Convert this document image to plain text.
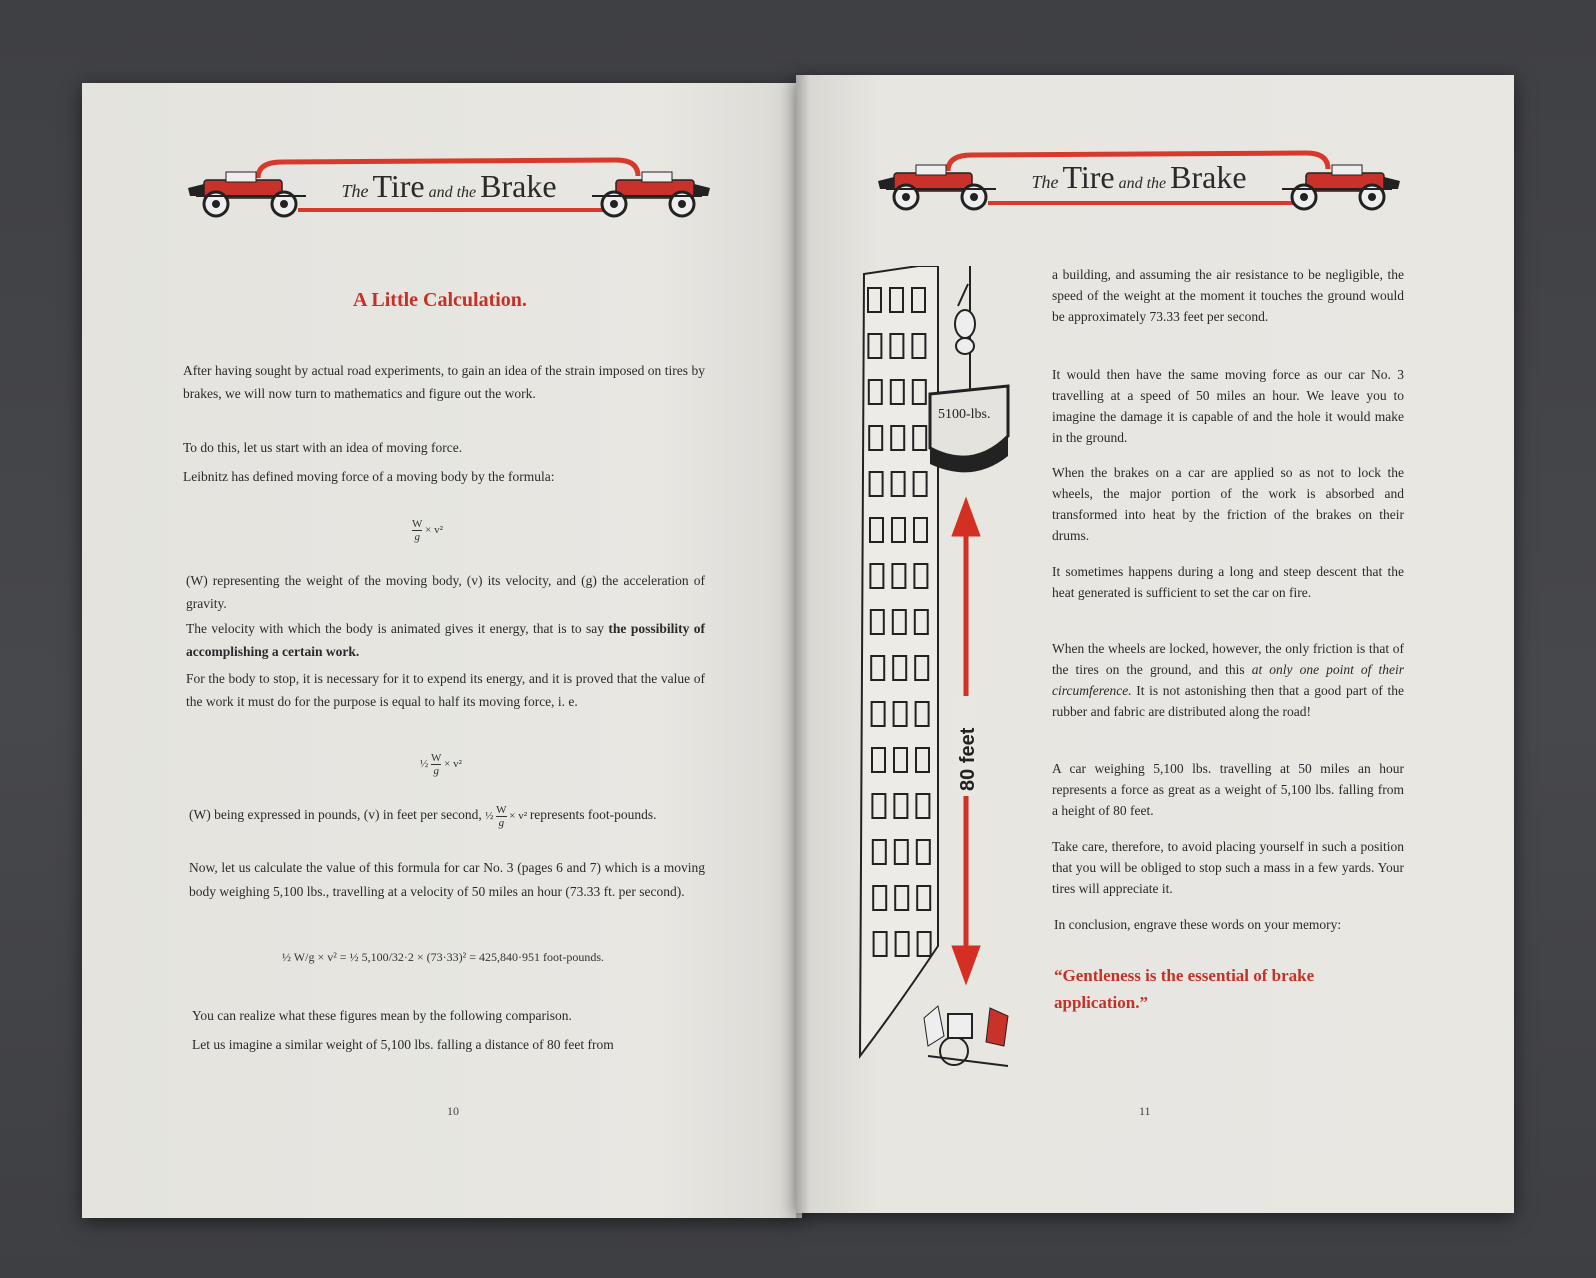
The Tire and the Brake
A Little Calculation.
After having sought by actual road experiments, to gain an idea of the strain imposed on tires by brakes, we will now turn to mathematics and figure out the work.
To do this, let us start with an idea of moving force.
Leibnitz has defined moving force of a moving body by the formula:
$\frac{W}{g} \times v^2$
(W) representing the weight of the moving body, (v) its velocity, and (g) the acceleration of gravity.
The velocity with which the body is animated gives it energy, that is to say the possibility of accomplishing a certain work.
For the body to stop, it is necessary for it to expend its energy, and it is proved that the value of the work it must do for the purpose is equal to half its moving force, i. e.
½ $\frac{W}{g} \times v^2$
(W) being expressed in pounds, (v) in feet per second, ½ $\frac{W}{g} \times v^2$ represents foot-pounds.
Now, let us calculate the value of this formula for car No. 3 (pages 6 and 7) which is a moving body weighing 5,100 lbs., travelling at a velocity of 50 miles an hour (73.33 ft. per second).
½ W/g × v² = ½ 5,100/32·2 × (73·33)² = 425,840·951 foot-pounds.
You can realize what these figures mean by the following comparison.
Let us imagine a similar weight of 5,100 lbs. falling a distance of 80 feet from
10
The Tire and the Brake
5100-lbs.
80 feet
a building, and assuming the air resistance to be negligible, the speed of the weight at the moment it touches the ground would be approximately 73.33 feet per second.
It would then have the same moving force as our car No. 3 travelling at a speed of 50 miles an hour. We leave you to imagine the damage it is capable of and the hole it would make in the ground.
When the brakes on a car are applied so as not to lock the wheels, the major portion of the work is absorbed and transformed into heat by the friction of the brakes on their drums.
It sometimes happens during a long and steep descent that the heat generated is sufficient to set the car on fire.
When the wheels are locked, however, the only friction is that of the tires on the ground, and this at only one point of their circumference. It is not astonishing then that a good part of the rubber and fabric are distributed along the road!
A car weighing 5,100 lbs. travelling at 50 miles an hour represents a force as great as a weight of 5,100 lbs. falling from a height of 80 feet.
Take care, therefore, to avoid placing yourself in such a position that you will be obliged to stop such a mass in a few yards. Your tires will appreciate it.
In conclusion, engrave these words on your memory:
“Gentleness is the essential of brake application.”
11
